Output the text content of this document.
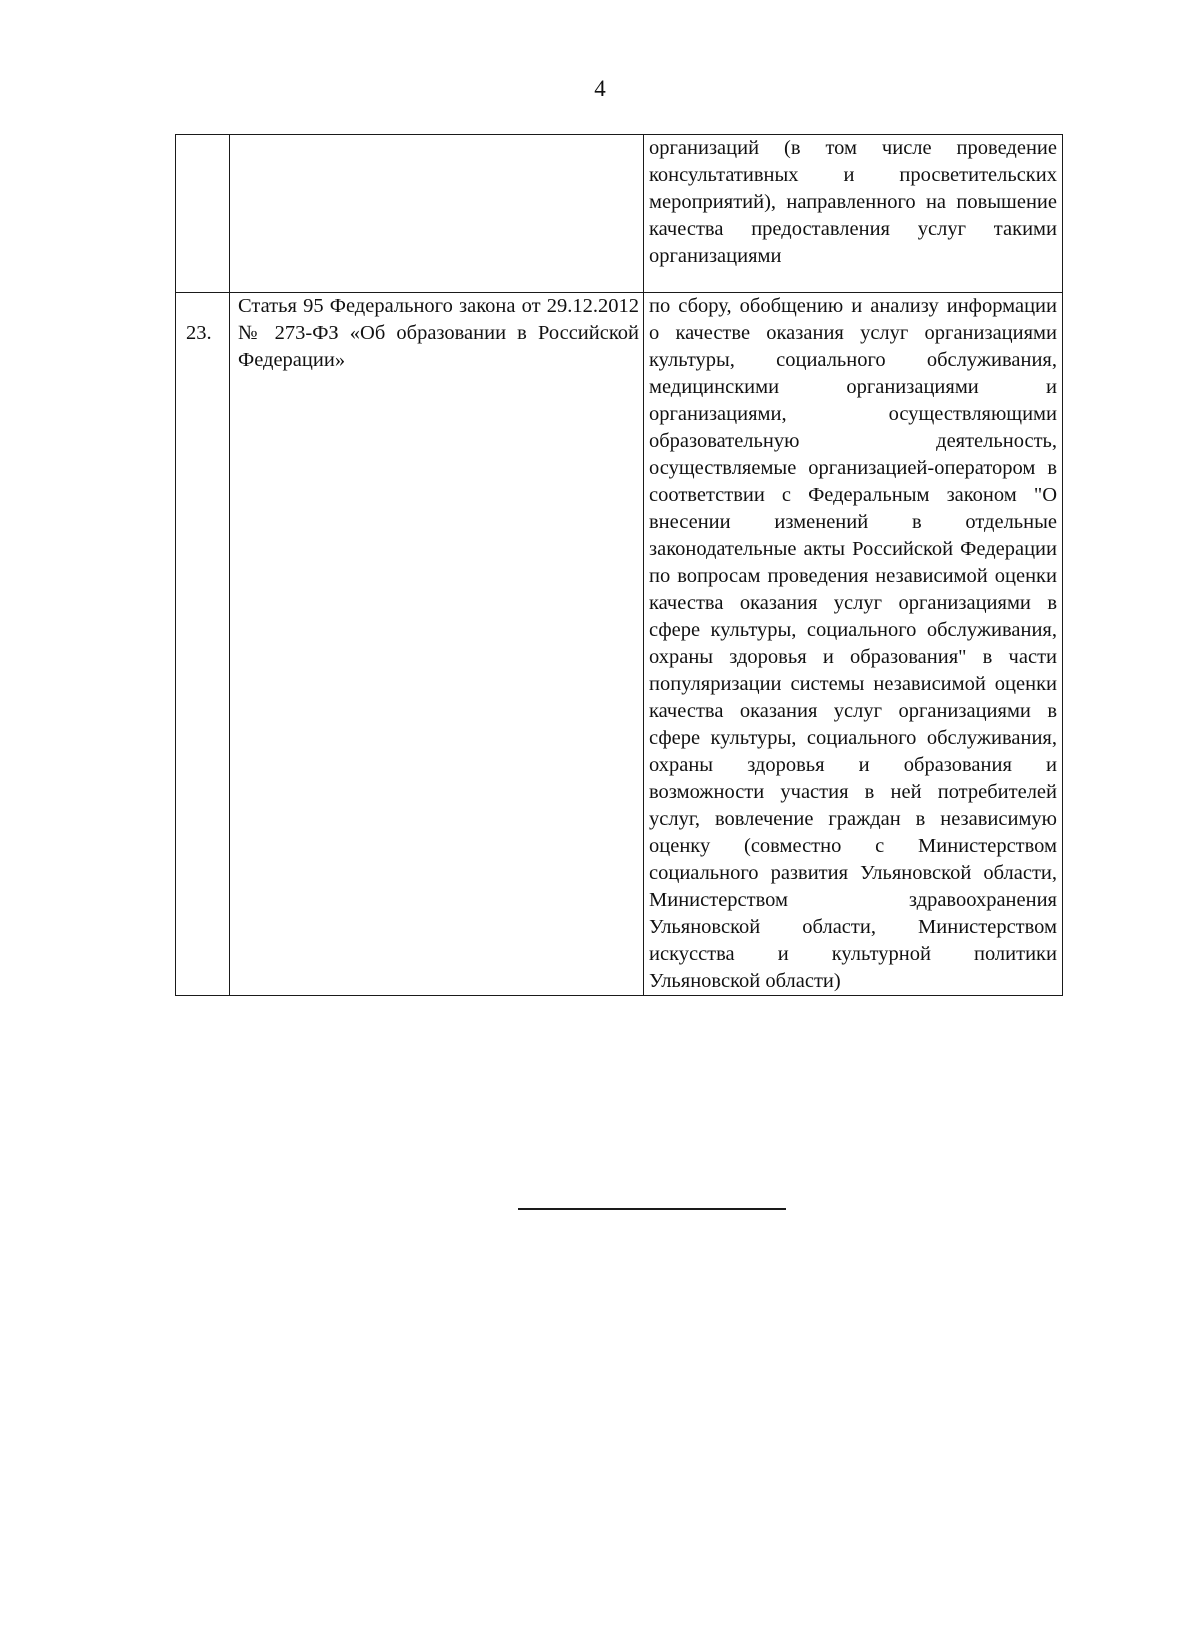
4
		организаций (в том числе проведение консультативных и просветительских мероприятий), направленного на повышение качества предоставления услуг такими организациями

23.	Статья 95 Федерального закона от 29.12.2012 № 273-ФЗ «Об образовании в Российской Федерации»	по сбору, обобщению и анализу информации о качестве оказания услуг организациями культуры, социального обслуживания, медицинскими организациями и организациями, осуществляющими образовательную деятельность, осуществляемые организацией-оператором в соответствии с Федеральным законом "О внесении изменений в отдельные законодательные акты Российской Федерации по вопросам проведения независимой оценки качества оказания услуг организациями в сфере культуры, социального обслуживания, охраны здоровья и образования" в части популяризации системы независимой оценки качества оказания услуг организациями в сфере культуры, социального обслуживания, охраны здоровья и образования и возможности участия в ней потребителей услуг, вовлечение граждан в независимую оценку (совместно с Министерством социального развития Ульяновской области, Министерством здравоохранения Ульяновской области, Министерством искусства и культурной политики Ульяновской области)
